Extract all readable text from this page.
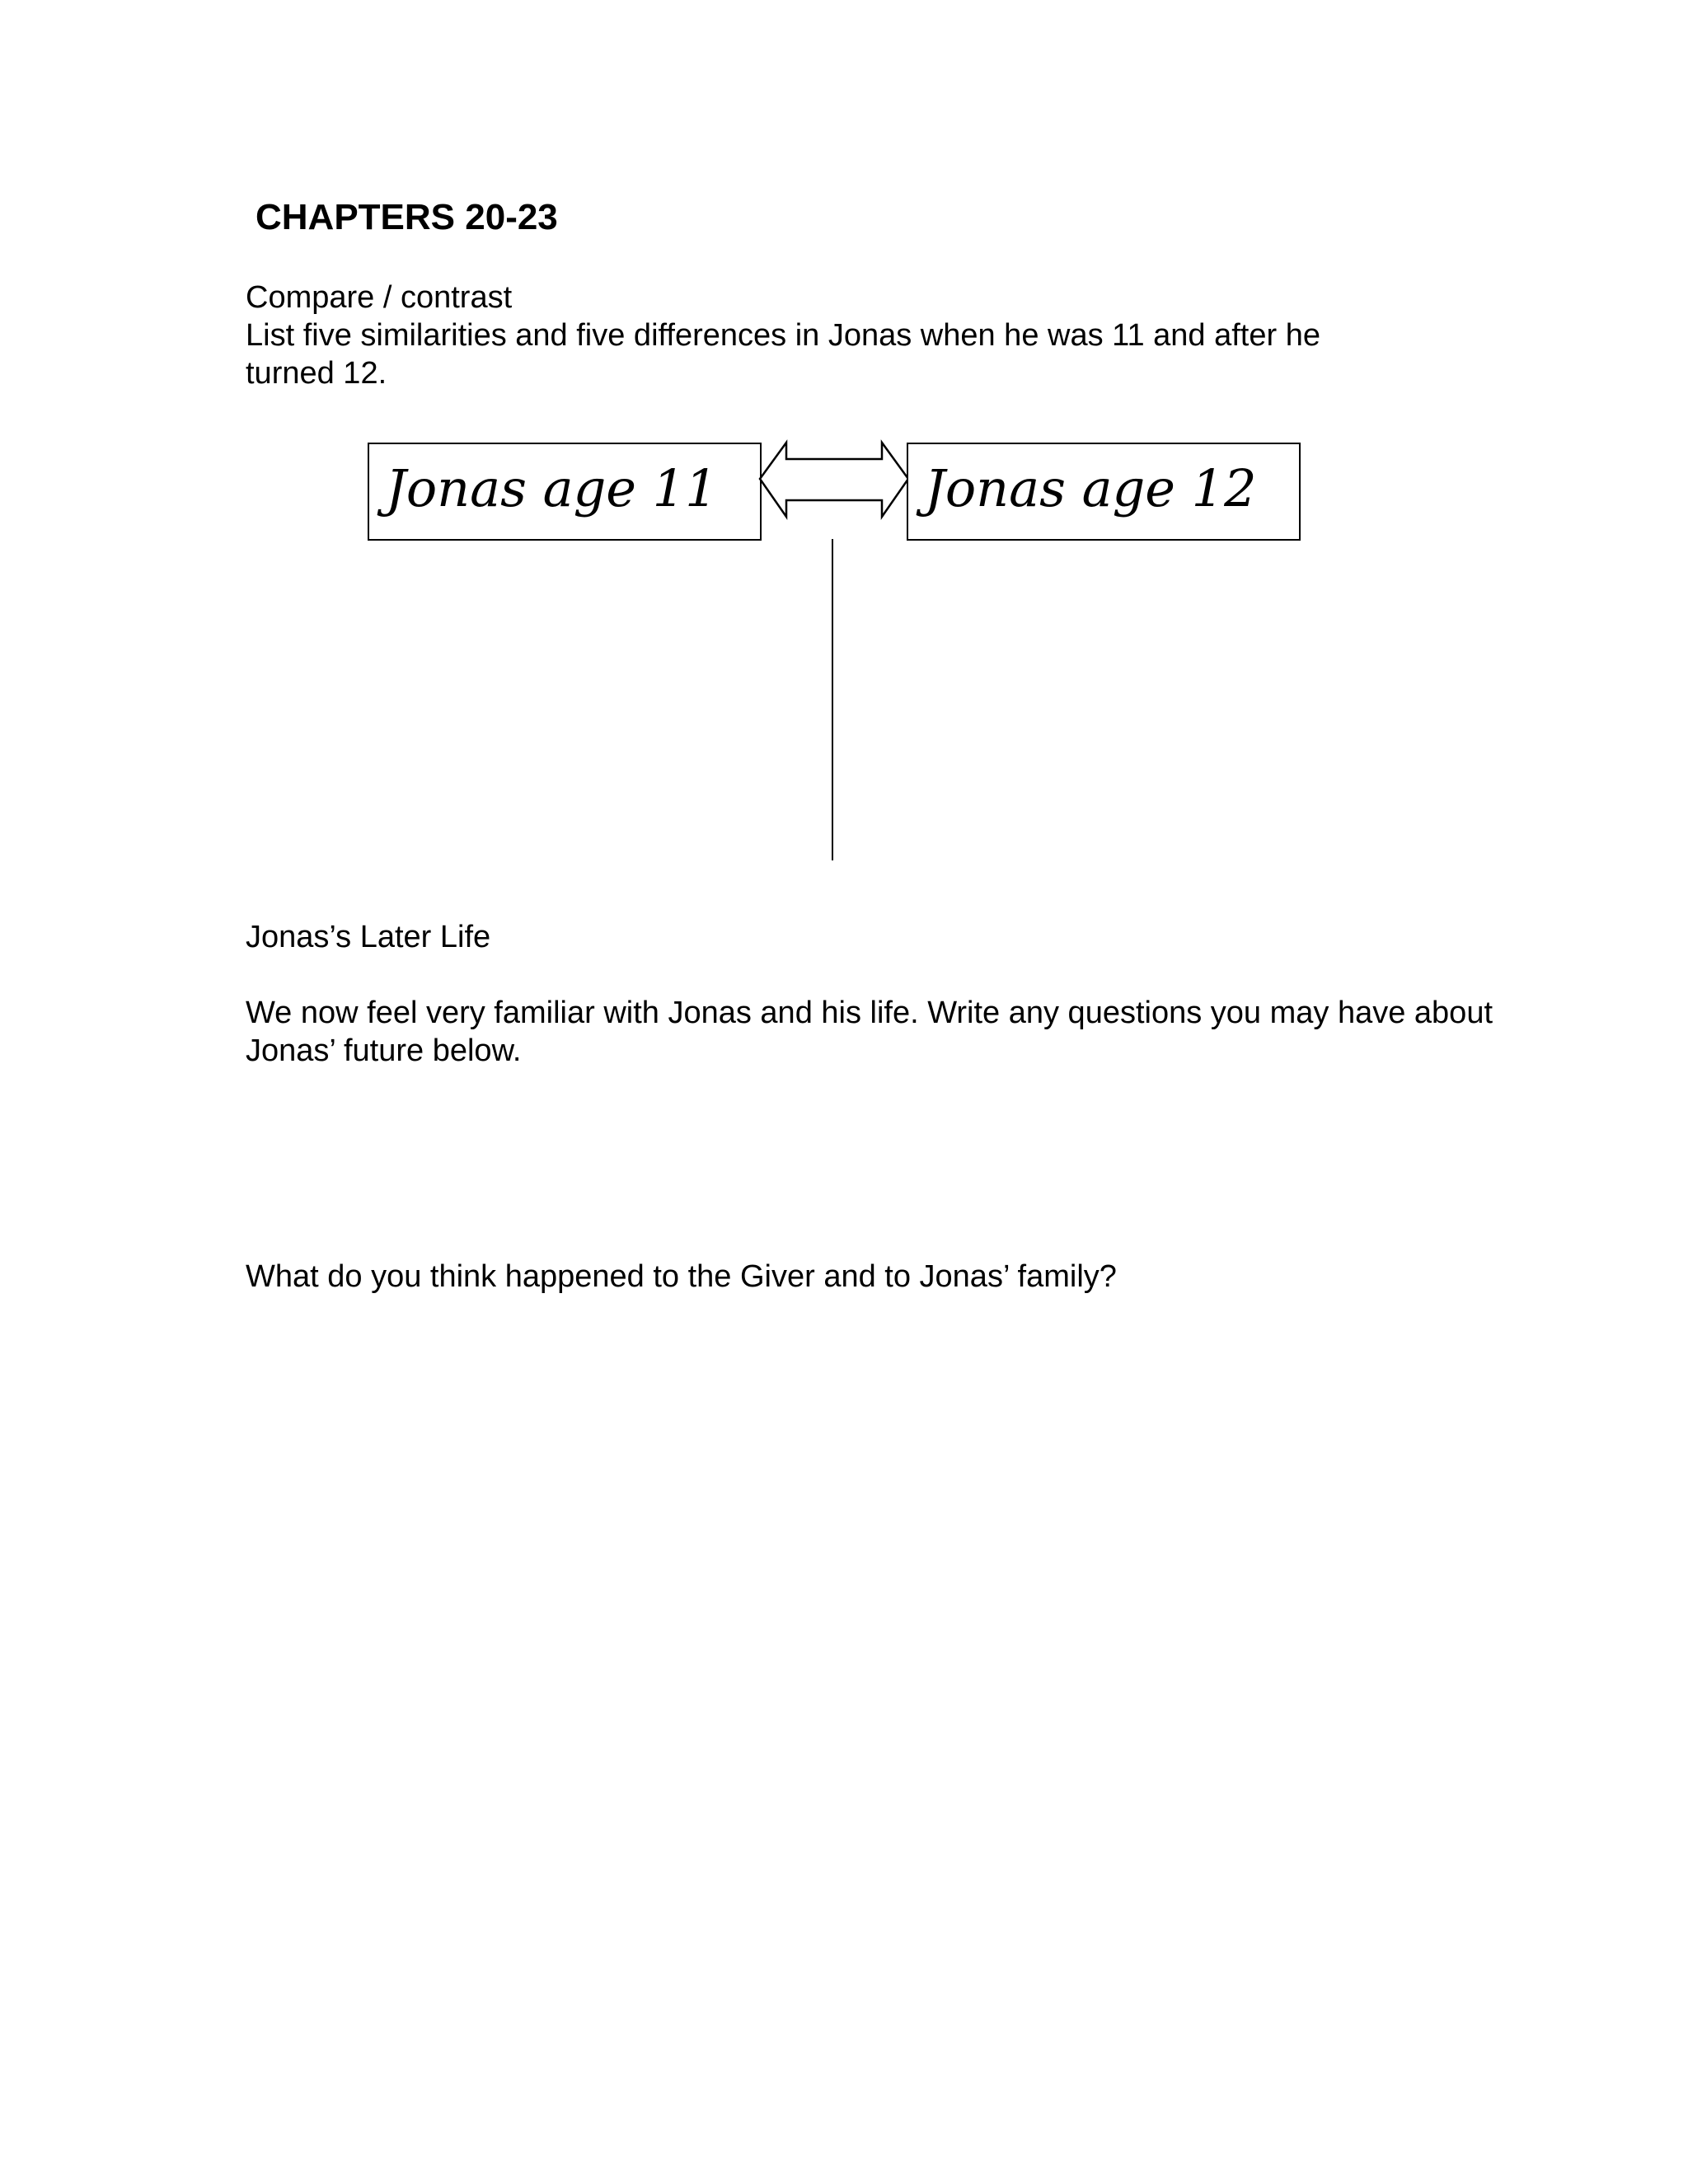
CHAPTERS 20-23

Compare / contrast

List five similarities and five differences in Jonas when he was 11 and after he turned 12.

Jonas age 11	Jonas age 12

Jonas’s Later Life

We now feel very familiar with Jonas and his life. Write any questions you may have about Jonas’ future below.

What do you think happened to the Giver and to Jonas’ family?
